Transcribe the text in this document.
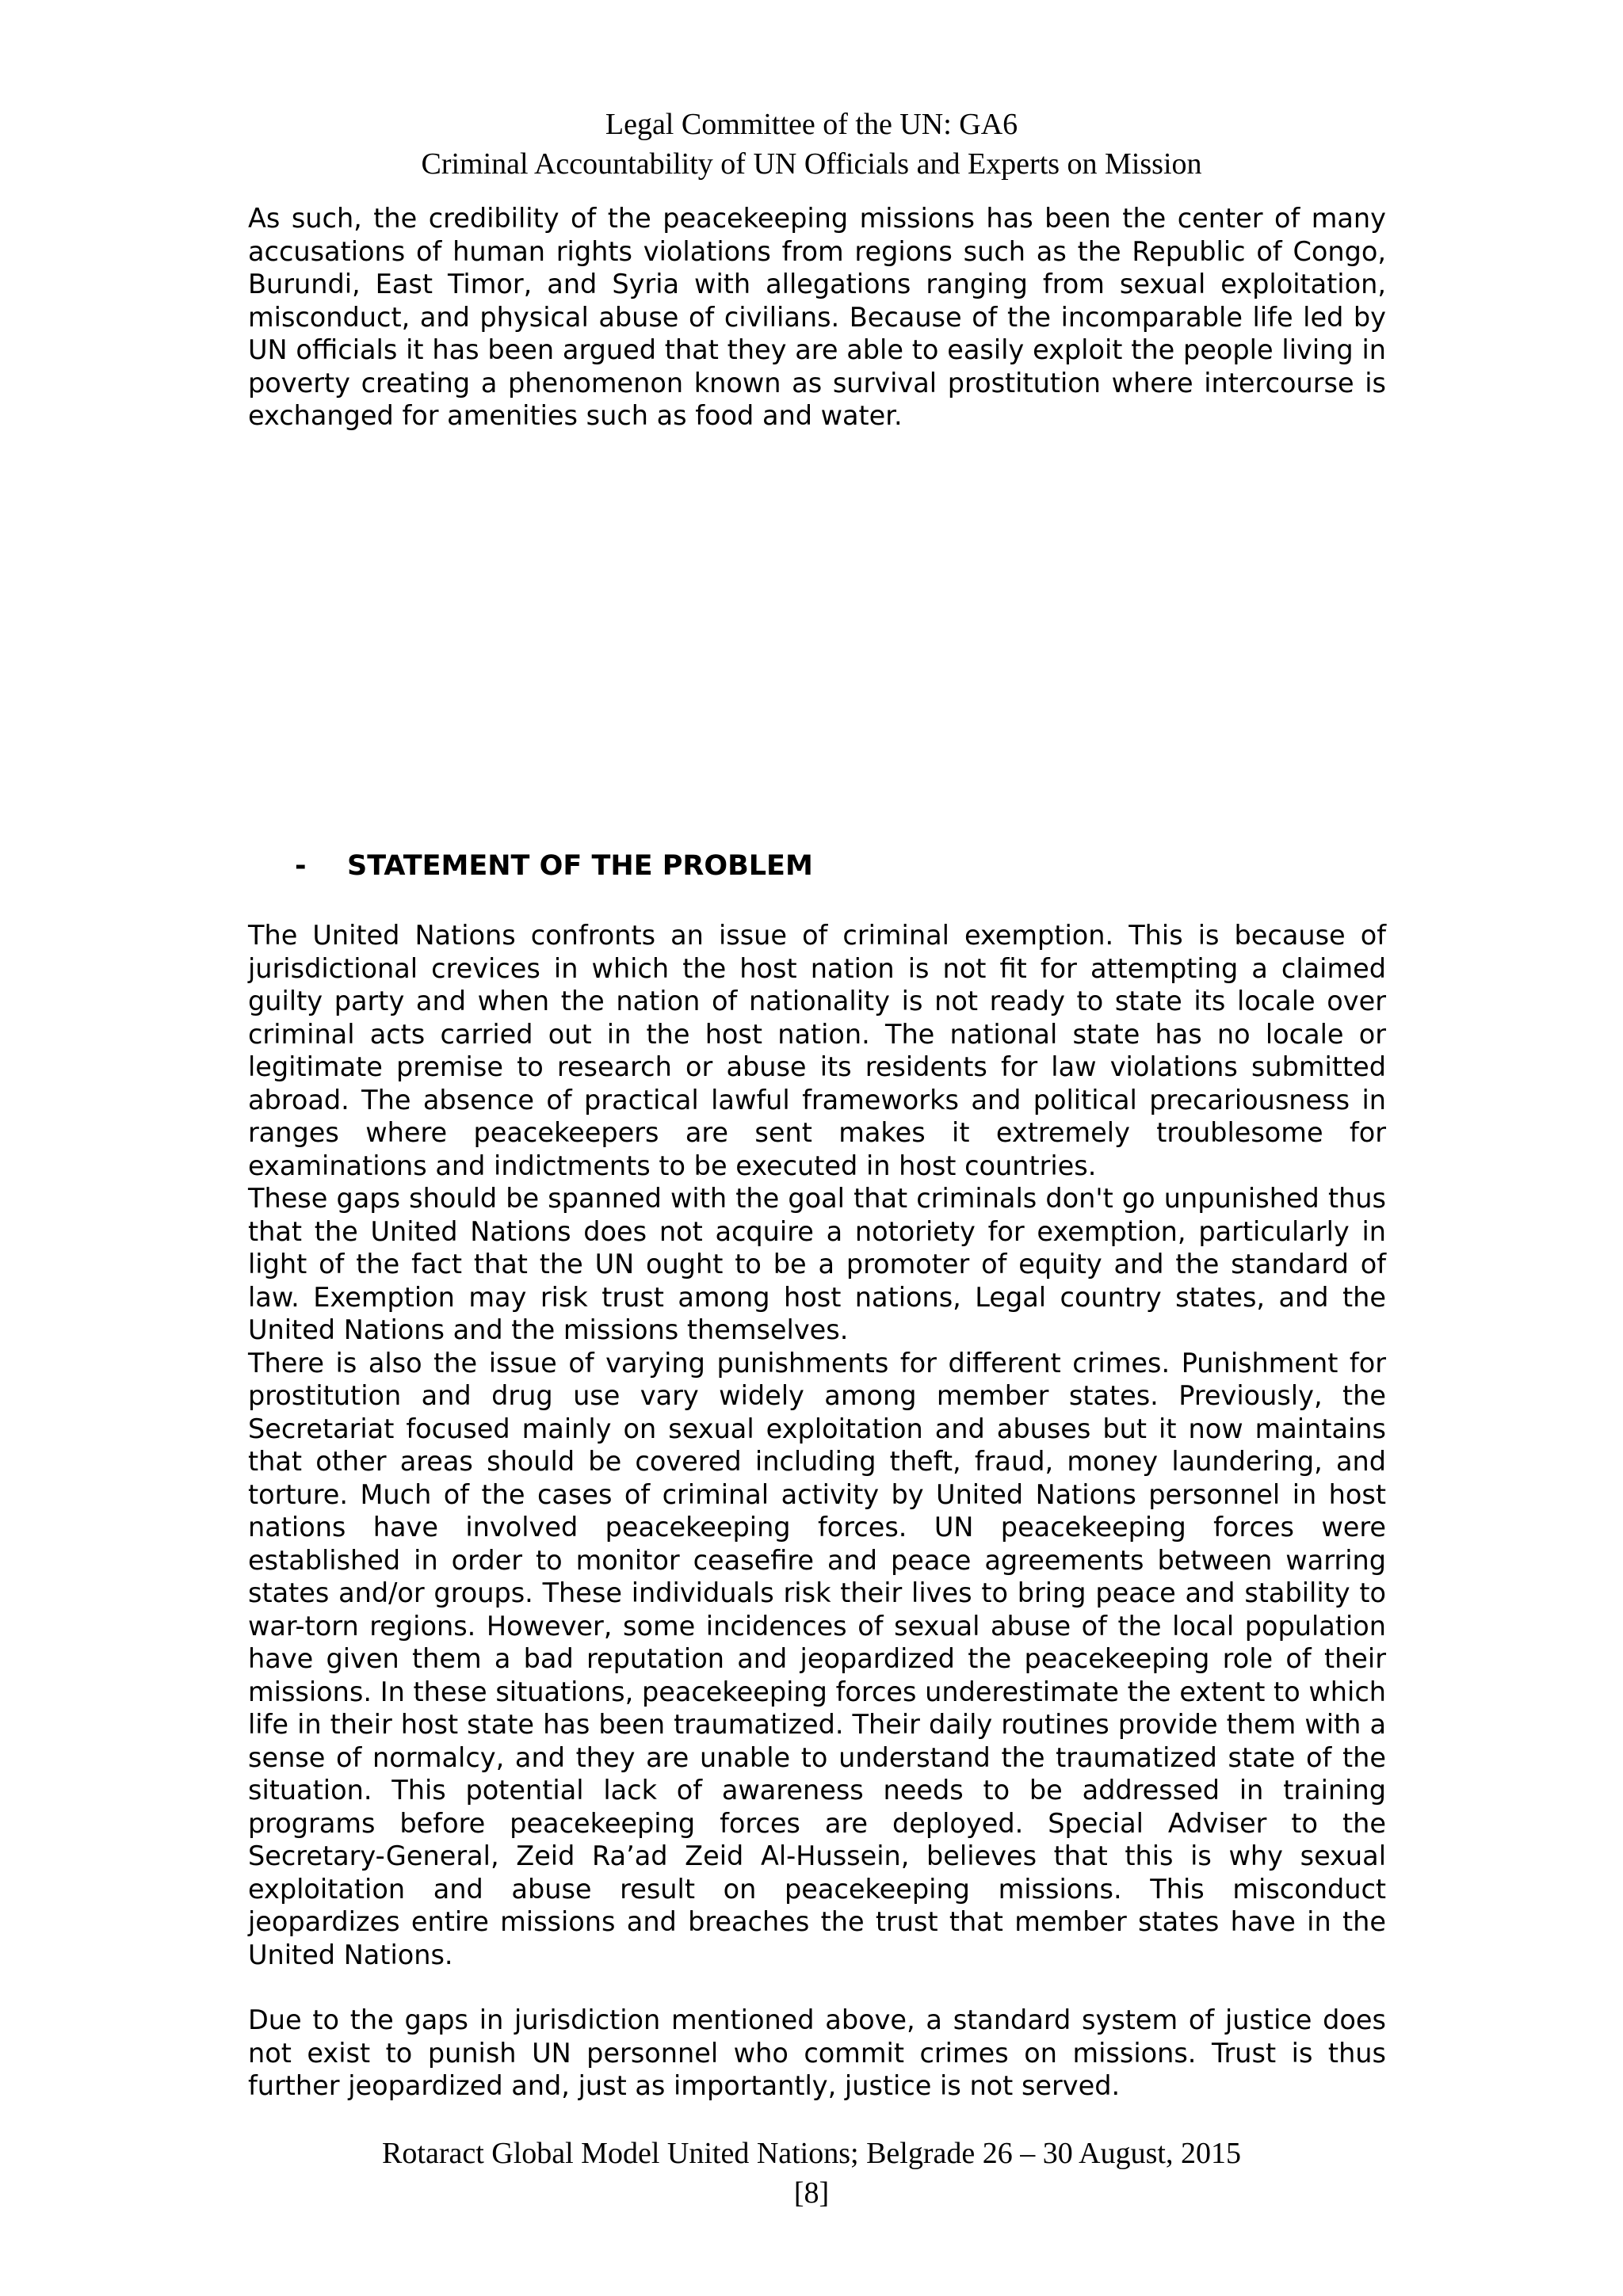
Legal Committee of the UN: GA6
Criminal Accountability of UN Officials and Experts on Mission

As such, the credibility of the peacekeeping missions has been the center of many accusations of human rights violations from regions such as the Republic of Congo, Burundi, East Timor, and Syria with allegations ranging from sexual exploitation, misconduct, and physical abuse of civilians. Because of the incomparable life led by UN officials it has been argued that they are able to easily exploit the people living in poverty creating a phenomenon known as survival prostitution where intercourse is exchanged for amenities such as food and water.

- STATEMENT OF THE PROBLEM

The United Nations confronts an issue of criminal exemption. This is because of jurisdictional crevices in which the host nation is not fit for attempting a claimed guilty party and when the nation of nationality is not ready to state its locale over criminal acts carried out in the host nation. The national state has no locale or legitimate premise to research or abuse its residents for law violations submitted abroad. The absence of practical lawful frameworks and political precariousness in ranges where peacekeepers are sent makes it extremely troublesome for examinations and indictments to be executed in host countries.

These gaps should be spanned with the goal that criminals don't go unpunished thus that the United Nations does not acquire a notoriety for exemption, particularly in light of the fact that the UN ought to be a promoter of equity and the standard of law. Exemption may risk trust among host nations, Legal country states, and the United Nations and the missions themselves.

There is also the issue of varying punishments for different crimes. Punishment for prostitution and drug use vary widely among member states. Previously, the Secretariat focused mainly on sexual exploitation and abuses but it now maintains that other areas should be covered including theft, fraud, money laundering, and torture. Much of the cases of criminal activity by United Nations personnel in host nations have involved peacekeeping forces. UN peacekeeping forces were established in order to monitor ceasefire and peace agreements between warring states and/or groups. These individuals risk their lives to bring peace and stability to war-torn regions. However, some incidences of sexual abuse of the local population have given them a bad reputation and jeopardized the peacekeeping role of their missions. In these situations, peacekeeping forces underestimate the extent to which life in their host state has been traumatized. Their daily routines provide them with a sense of normalcy, and they are unable to understand the traumatized state of the situation. This potential lack of awareness needs to be addressed in training programs before peacekeeping forces are deployed. Special Adviser to the Secretary-General, Zeid Ra’ad Zeid Al-Hussein, believes that this is why sexual exploitation and abuse result on peacekeeping missions. This misconduct jeopardizes entire missions and breaches the trust that member states have in the United Nations.

Due to the gaps in jurisdiction mentioned above, a standard system of justice does not exist to punish UN personnel who commit crimes on missions. Trust is thus further jeopardized and, just as importantly, justice is not served.

Rotaract Global Model United Nations; Belgrade 26 – 30 August, 2015
[8]
